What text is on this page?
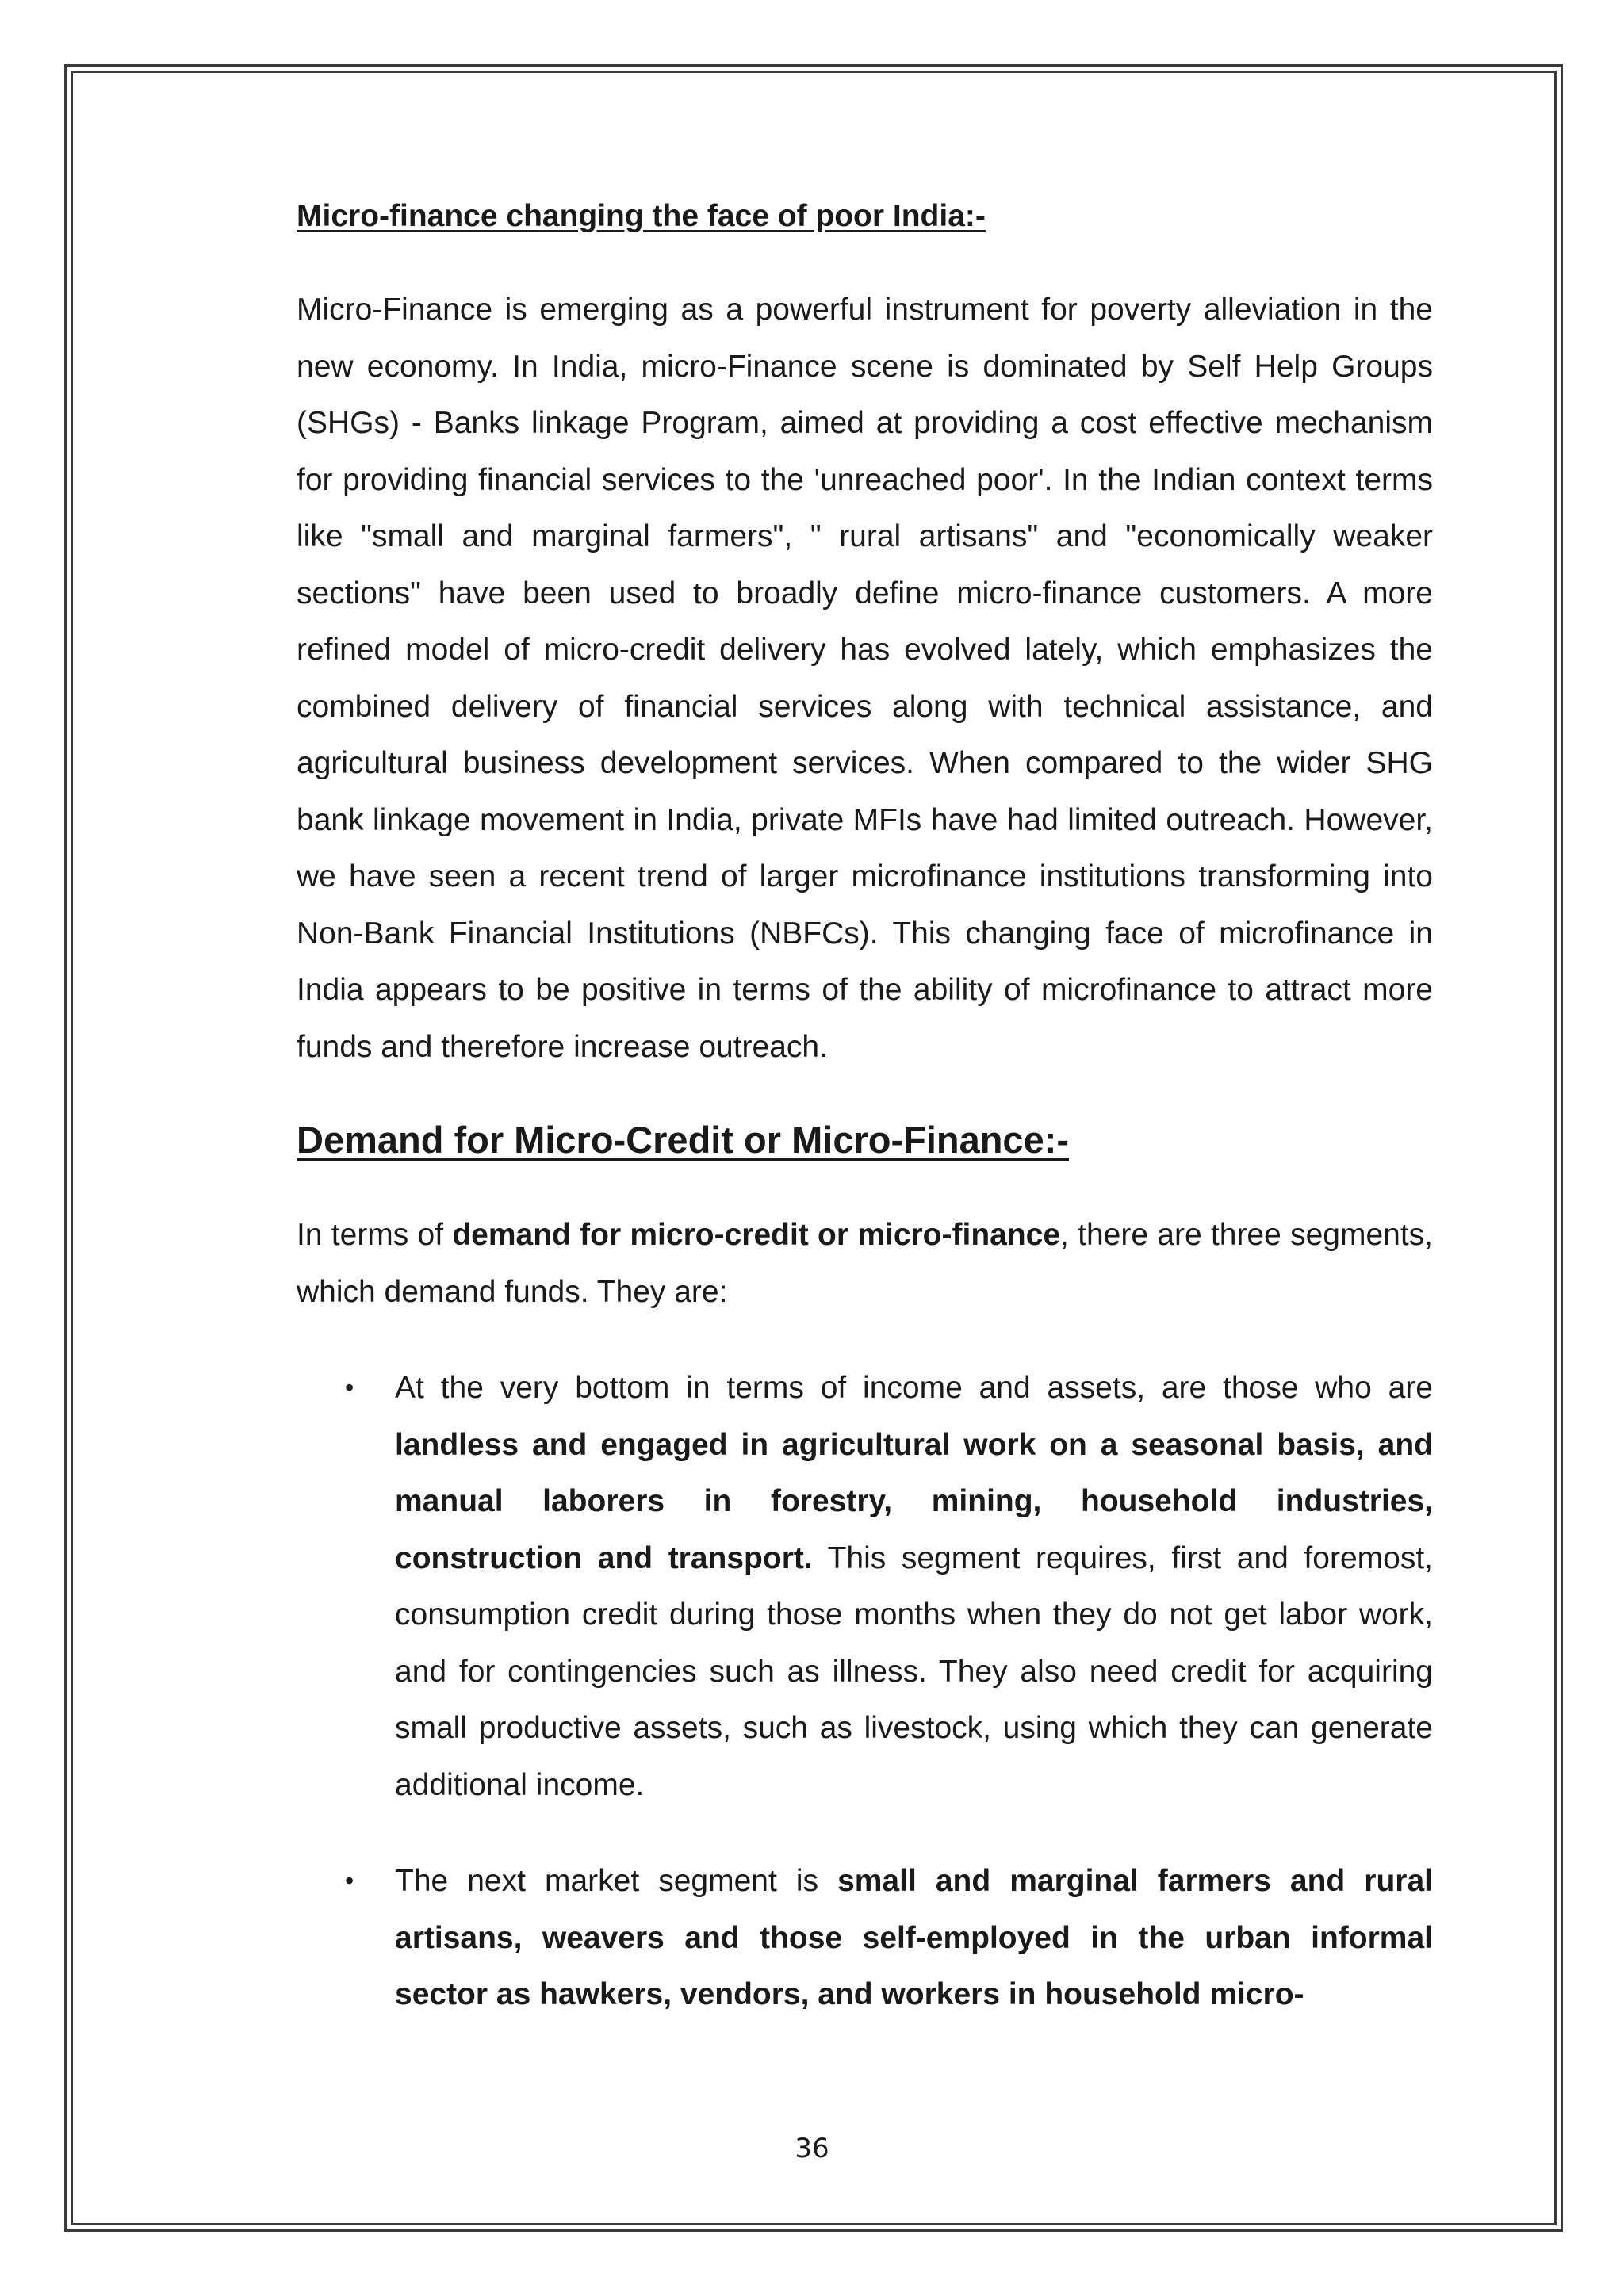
Micro-finance changing the face of poor India:-

Micro-Finance is emerging as a powerful instrument for poverty alleviation in the new economy. In India, micro-Finance scene is dominated by Self Help Groups (SHGs) - Banks linkage Program, aimed at providing a cost effective mechanism for providing financial services to the 'unreached poor'. In the Indian context terms like "small and marginal farmers", " rural artisans" and "economically weaker sections" have been used to broadly define micro-finance customers. A more refined model of micro-credit delivery has evolved lately, which emphasizes the combined delivery of financial services along with technical assistance, and agricultural business development services. When compared to the wider SHG bank linkage movement in India, private MFIs have had limited outreach. However, we have seen a recent trend of larger microfinance institutions transforming into Non-Bank Financial Institutions (NBFCs). This changing face of microfinance in India appears to be positive in terms of the ability of microfinance to attract more funds and therefore increase outreach.

Demand for Micro-Credit or Micro-Finance:-

In terms of demand for micro-credit or micro-finance, there are three segments, which demand funds. They are:

• At the very bottom in terms of income and assets, are those who are landless and engaged in agricultural work on a seasonal basis, and manual laborers in forestry, mining, household industries, construction and transport. This segment requires, first and foremost, consumption credit during those months when they do not get labor work, and for contingencies such as illness. They also need credit for acquiring small productive assets, such as livestock, using which they can generate additional income.
• The next market segment is small and marginal farmers and rural artisans, weavers and those self-employed in the urban informal sector as hawkers, vendors, and workers in household micro-
36
